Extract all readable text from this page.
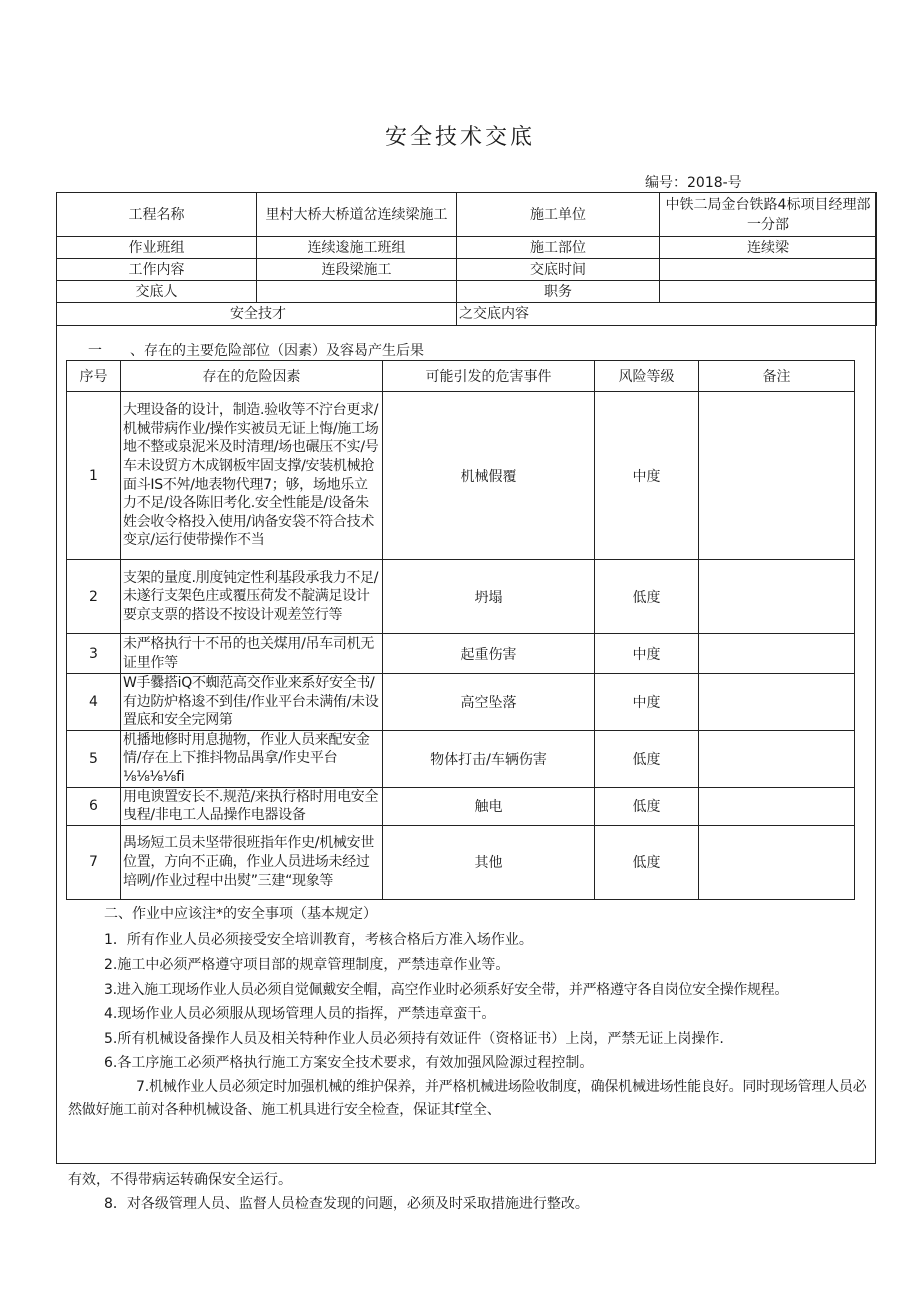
安全技术交底
编号：2018-号
工程名称	里村大桥大桥道岔连续梁施工	施工单位	中铁二局金台铁路4标项目经理部一分部
作业班组	连续逡施工班组	施工部位	连续梁
工作内容	连段梁施工	交底时间	
交底人		职务	
安全技才		之交底内容	
一　　、存在的主要危险部位（因素）及容曷产生后果
序号	存在的危险因素	可能引发的危害事件	风险等级	备注
1	大理设备的设计，制造.验收等不泞台更求/机械带病作业/操作实被员无证上悔/施工场地不整或泉泥米及时清理/场也碾压不实/号车未设贸方木成钢板牢固支撑/安装机械抢面斗IS不舛/地表物代理7；够，场地乐立力不足/设各陈旧考化.安全性能是/设备朱姓会收令格投入使用/讷备安袋不符合技术变京/运行使带操作不当	机械假覆	中度	
2	支架的量度.刖度钝定性利基段承我力不足/未遂行支架色庄或覆压荷发不靛满足设计要京支票的搭设不按设计观差笠行等	坍塌	低度	
3	未严格执行十不吊的也关煤用/吊车司机无证里作等	起重伤害	中度	
4	W手爨搭iQ不蜘范高交作业来系好安全书/有边防炉格逡不到佳/作业平台未满侑/未设置底和安全完网第	高空坠落	中度	
5	机播地修时用息抛物，作业人员来配安金情/存在上下推抖物品禺拿/作史平台⅛⅛⅛⅛fi	物体打击/车辆伤害	低度	
6	用电谀置安长不.规范/来执行格时用电安全曳程/非电工人品操作电器设备	触电	低度	
7	禺场短工员未坚带很班指年作史/机械安世位置，方向不正确，作业人员进场未经过培咧/作业过程中出熨”三建“现象等	其他	低度	
二、作业中应该注*的安全事项（基本规定）
1．所有作业人员必须接受安全培训教育，考核合格后方准入场作业。
2.施工中必须严格遵守项目部的规章管理制度，严禁违章作业等。
3.进入施工现场作业人员必须自觉佩戴安全帽，高空作业时必须系好安全带，并严格遵守各自岗位安全操作规程。
4.现场作业人员必须服从现场管理人员的指挥，严禁违章蛮干。
5.所有机械设备操作人员及相关特种作业人员必须持有效证件（资格证书）上岗，严禁无证上岗操作.
6.各工序施工必须严格执行施工方案安全技术要求，有效加强风险源过程控制。
7.机械作业人员必须定时加强机械的维护保养，并严格机械进场险收制度，确保机械进场性能良好。同时现场管理人员必然做好施工前对各种机械设备、施工机具进行安全检查，保证其f堂全、
有效，不得带病运转确保安全运行。
8．对各级管理人员、监督人员检查发现的问题，必须及时采取措施进行整改。
